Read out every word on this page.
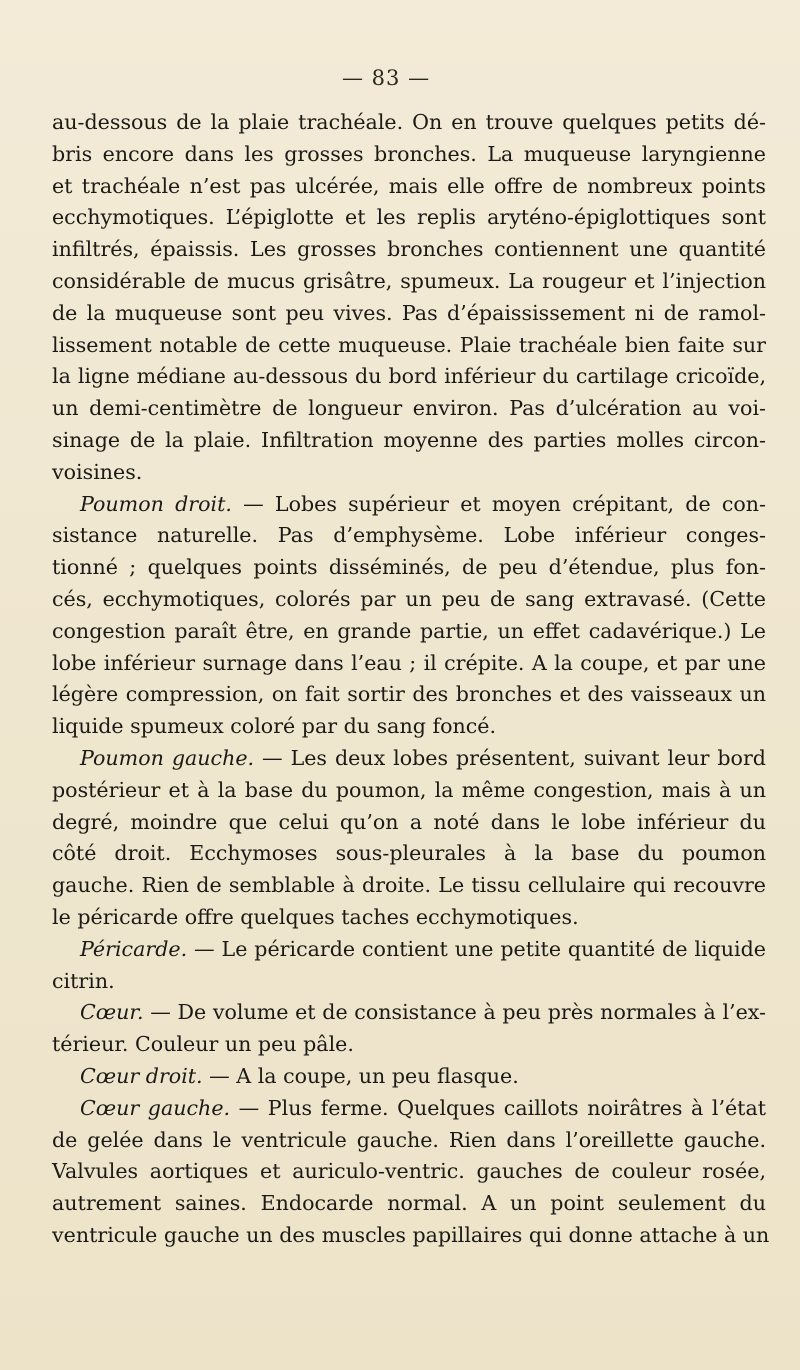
— 83 —
au-dessous de la plaie trachéale. On en trouve quelques petits dé-
bris encore dans les grosses bronches. La muqueuse laryngienne
et trachéale n’est pas ulcérée, mais elle offre de nombreux points
ecchymotiques. L’épiglotte et les replis aryténo-épiglottiques sont
infiltrés, épaissis. Les grosses bronches contiennent une quantité
considérable de mucus grisâtre, spumeux. La rougeur et l’injection
de la muqueuse sont peu vives. Pas d’épaississement ni de ramol-
lissement notable de cette muqueuse. Plaie trachéale bien faite sur
la ligne médiane au-dessous du bord inférieur du cartilage cricoïde,
un demi-centimètre de longueur environ. Pas d’ulcération au voi-
sinage de la plaie. Infiltration moyenne des parties molles circon-
voisines.
Poumon droit. — Lobes supérieur et moyen crépitant, de con-
sistance naturelle. Pas d’emphysème. Lobe inférieur conges-
tionné ; quelques points disséminés, de peu d’étendue, plus fon-
cés, ecchymotiques, colorés par un peu de sang extravasé. (Cette
congestion paraît être, en grande partie, un effet cadavérique.) Le
lobe inférieur surnage dans l’eau ; il crépite. A la coupe, et par une
légère compression, on fait sortir des bronches et des vaisseaux un
liquide spumeux coloré par du sang foncé.
Poumon gauche. — Les deux lobes présentent, suivant leur bord
postérieur et à la base du poumon, la même congestion, mais à un
degré, moindre que celui qu’on a noté dans le lobe inférieur du
côté droit. Ecchymoses sous-pleurales à la base du poumon
gauche. Rien de semblable à droite. Le tissu cellulaire qui recouvre
le péricarde offre quelques taches ecchymotiques.
Péricarde. — Le péricarde contient une petite quantité de liquide
citrin.
Cœur. — De volume et de consistance à peu près normales à l’ex-
térieur. Couleur un peu pâle.
Cœur droit. — A la coupe, un peu flasque.
Cœur gauche. — Plus ferme. Quelques caillots noirâtres à l’état
de gelée dans le ventricule gauche. Rien dans l’oreillette gauche.
Valvules aortiques et auriculo-ventric. gauches de couleur rosée,
autrement saines. Endocarde normal. A un point seulement du
ventricule gauche un des muscles papillaires qui donne attache à un
